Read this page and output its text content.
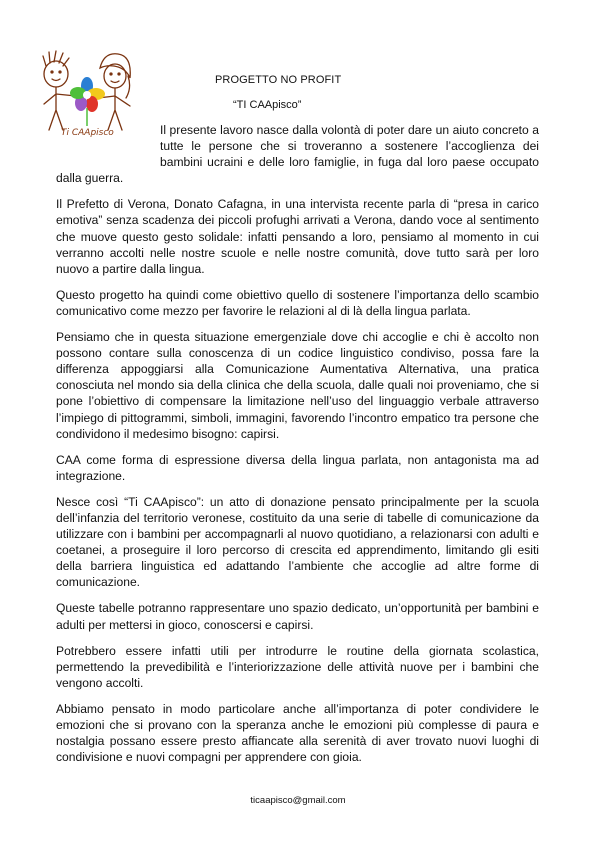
Ti CAApisco
PROGETTO NO PROFIT
“TI CAApisco”

Il presente lavoro nasce dalla volontà di poter dare un aiuto concreto a tutte le persone che si troveranno a sostenere l’accoglienza dei bambini ucraini e delle loro famiglie, in fuga dal loro paese occupato dalla guerra.

Il Prefetto di Verona, Donato Cafagna, in una intervista recente parla di “presa in carico emotiva” senza scadenza dei piccoli profughi arrivati a Verona, dando voce al sentimento che muove questo gesto solidale: infatti pensando a loro, pensiamo al momento in cui verranno accolti nelle nostre scuole e nelle nostre comunità, dove tutto sarà per loro nuovo a partire dalla lingua.

Questo progetto ha quindi come obiettivo quello di sostenere l’importanza dello scambio comunicativo come mezzo per favorire le relazioni al di là della lingua parlata.

Pensiamo che in questa situazione emergenziale dove chi accoglie e chi è accolto non possono contare sulla conoscenza di un codice linguistico condiviso, possa fare la differenza appoggiarsi alla Comunicazione Aumentativa Alternativa, una pratica conosciuta nel mondo sia della clinica che della scuola, dalle quali noi proveniamo, che si pone l’obiettivo di compensare la limitazione nell’uso del linguaggio verbale attraverso l’impiego di pittogrammi, simboli, immagini, favorendo l’incontro empatico tra persone che condividono il medesimo bisogno: capirsi.

CAA come forma di espressione diversa della lingua parlata, non antagonista ma ad integrazione.

Nesce così “Ti CAApisco”: un atto di donazione pensato principalmente per la scuola dell’infanzia del territorio veronese, costituito da una serie di tabelle di comunicazione da utilizzare con i bambini per accompagnarli al nuovo quotidiano, a relazionarsi con adulti e coetanei, a proseguire il loro percorso di crescita ed apprendimento, limitando gli esiti della barriera linguistica ed adattando l’ambiente che accoglie ad altre forme di comunicazione.

Queste tabelle potranno rappresentare uno spazio dedicato, un’opportunità per bambini e adulti per mettersi in gioco, conoscersi e capirsi.

Potrebbero essere infatti utili per introdurre le routine della giornata scolastica, permettendo la prevedibilità e l’interiorizzazione delle attività nuove per i bambini che vengono accolti.

Abbiamo pensato in modo particolare anche all’importanza di poter condividere le emozioni che si provano con la speranza anche le emozioni più complesse di paura e nostalgia possano essere presto affiancate alla serenità di aver trovato nuovi luoghi di condivisione e nuovi compagni per apprendere con gioia.

ticaapisco@gmail.com
